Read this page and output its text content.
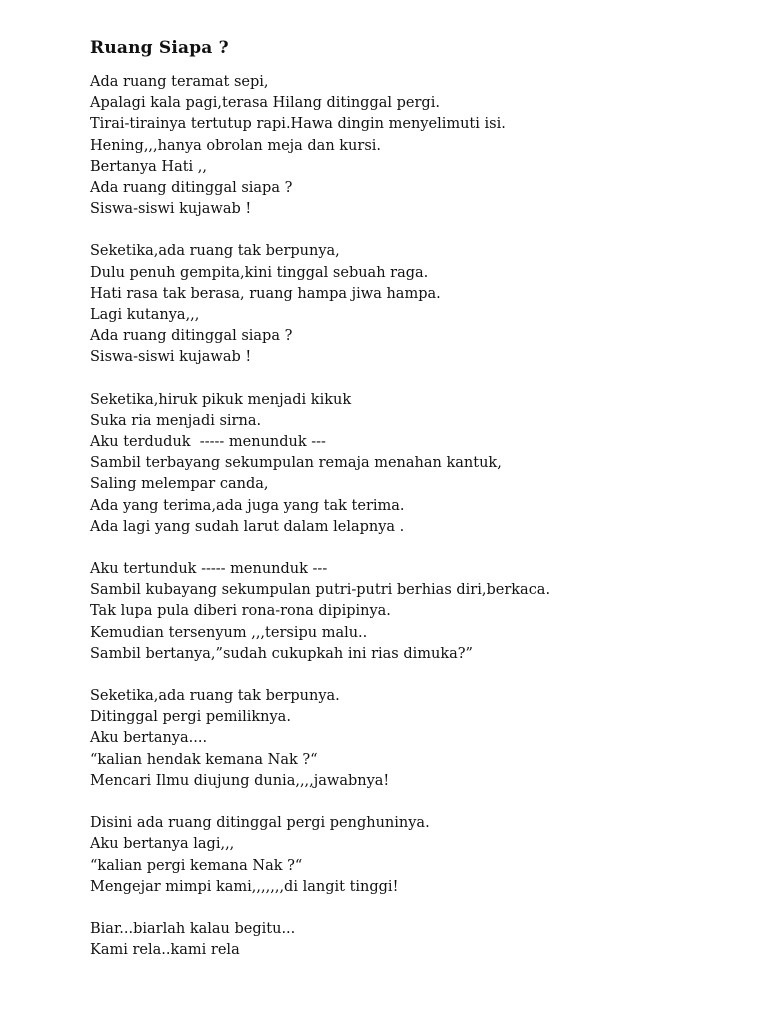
Ruang Siapa ?
Ada ruang teramat sepi,
Apalagi kala pagi,terasa Hilang ditinggal pergi.
Tirai-tirainya tertutup rapi.Hawa dingin menyelimuti isi.
Hening,,,hanya obrolan meja dan kursi.
Bertanya Hati ,,
Ada ruang ditinggal siapa ?
Siswa-siswi kujawab !
Seketika,ada ruang tak berpunya,
Dulu penuh gempita,kini tinggal sebuah raga.
Hati rasa tak berasa, ruang hampa jiwa hampa.
Lagi kutanya,,,
Ada ruang ditinggal siapa ?
Siswa-siswi kujawab !
Seketika,hiruk pikuk menjadi kikuk
Suka ria menjadi sirna.
Aku terduduk  ----- menunduk ---
Sambil terbayang sekumpulan remaja menahan kantuk,
Saling melempar canda,
Ada yang terima,ada juga yang tak terima.
Ada lagi yang sudah larut dalam lelapnya .
Aku tertunduk ----- menunduk ---
Sambil kubayang sekumpulan putri-putri berhias diri,berkaca.
Tak lupa pula diberi rona-rona dipipinya.
Kemudian tersenyum ,,,tersipu malu..
Sambil bertanya,”sudah cukupkah ini rias dimuka?”
Seketika,ada ruang tak berpunya.
Ditinggal pergi pemiliknya.
Aku bertanya....
“kalian hendak kemana Nak ?“
Mencari Ilmu diujung dunia,,,,jawabnya!
Disini ada ruang ditinggal pergi penghuninya.
Aku bertanya lagi,,,
“kalian pergi kemana Nak ?“
Mengejar mimpi kami,,,,,,,di langit tinggi!
Biar...biarlah kalau begitu...
Kami rela..kami rela
